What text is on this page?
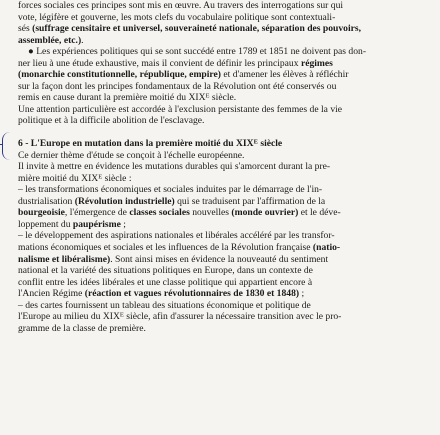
forces sociales ces principes sont mis en œuvre. Au travers des interrogations sur qui
vote, légifère et gouverne, les mots clefs du vocabulaire politique sont contextuali-
sés (suffrage censitaire et universel, souveraineté nationale, séparation des pouvoirs,
assemblée, etc.).

● Les expériences politiques qui se sont succédé entre 1789 et 1851 ne doivent pas don-
ner lieu à une étude exhaustive, mais il convient de définir les principaux régimes
(monarchie constitutionnelle, république, empire) et d'amener les élèves à réfléchir
sur la façon dont les principes fondamentaux de la Révolution ont été conservés ou
remis en cause durant la première moitié du $XIX^E$ siècle.

Une attention particulière est accordée à l'exclusion persistante des femmes de la vie
politique et à la difficile abolition de l'esclavage.

6 - L'Europe en mutation dans la première moitié du $XIX^E$ siècle

Ce dernier thème d'étude se conçoit à l'échelle européenne.

Il invite à mettre en évidence les mutations durables qui s'amorcent durant la pre-
mière moitié du $XIX^E$ siècle :

– les transformations économiques et sociales induites par le démarrage de l'in-
dustrialisation (Révolution industrielle) qui se traduisent par l'affirmation de la
bourgeoisie, l'émergence de classes sociales nouvelles (monde ouvrier) et le déve-
loppement du paupérisme ;

– le développement des aspirations nationales et libérales accéléré par les transfor-
mations économiques et sociales et les influences de la Révolution française (natio-
nalisme et libéralisme). Sont ainsi mises en évidence la nouveauté du sentiment
national et la variété des situations politiques en Europe, dans un contexte de
conflit entre les idées libérales et une classe politique qui appartient encore à
l'Ancien Régime (réaction et vagues révolutionnaires de 1830 et 1848) ;

– des cartes fournissent un tableau des situations économique et politique de
l'Europe au milieu du $XIX^E$ siècle, afin d'assurer la nécessaire transition avec le pro-
gramme de la classe de première.
